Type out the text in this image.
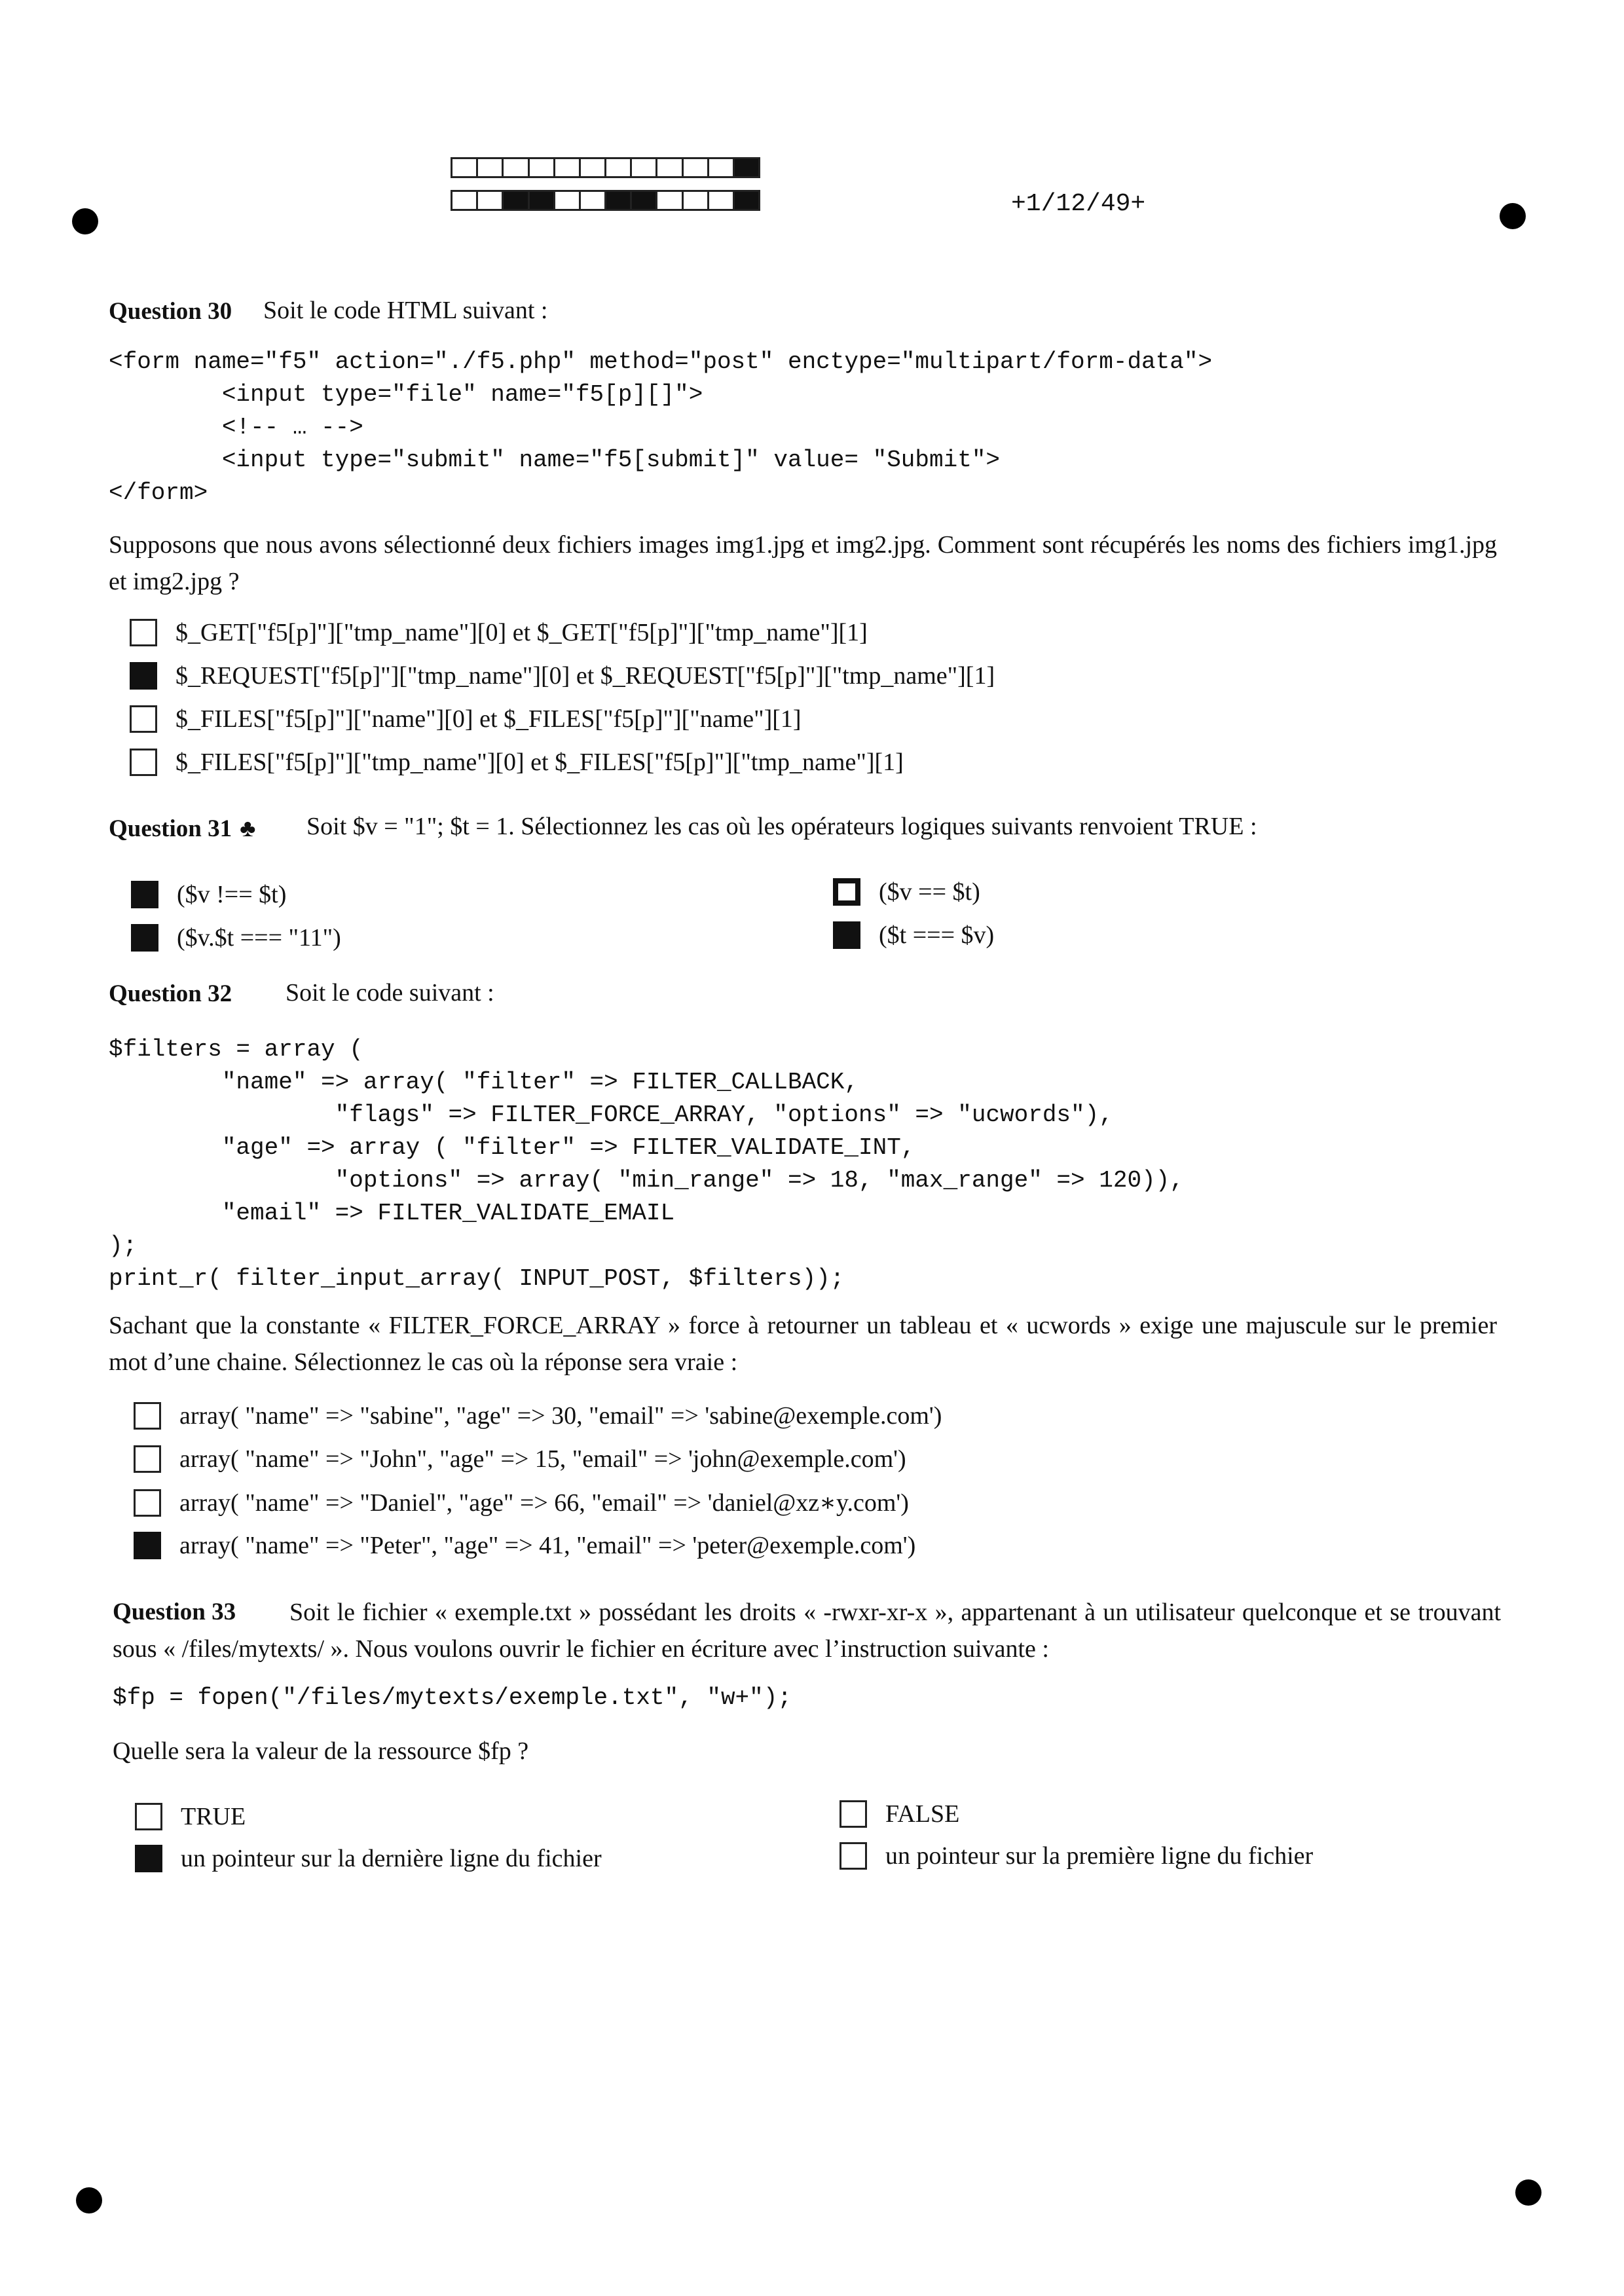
+1/12/49+
Question 30 Soit le code HTML suivant :
<form name="f5" action="./f5.php" method="post" enctype="multipart/form-data">
<input type="file" name="f5[p][]">
<!-- … -->
<input type="submit" name="f5[submit]" value= "Submit">
</form>
Supposons que nous avons sélectionné deux fichiers images img1.jpg et img2.jpg. Comment sont récupérés les noms des fichiers img1.jpg et img2.jpg ?
$_GET["f5[p]"]["tmp_name"][0] et $_GET["f5[p]"]["tmp_name"][1]
$_REQUEST["f5[p]"]["tmp_name"][0] et $_REQUEST["f5[p]"]["tmp_name"][1]
$_FILES["f5[p]"]["name"][0] et $_FILES["f5[p]"]["name"][1]
$_FILES["f5[p]"]["tmp_name"][0] et $_FILES["f5[p]"]["tmp_name"][1]
Question 31 ♣ Soit $v = "1"; $t = 1. Sélectionnez les cas où les opérateurs logiques suivants renvoient TRUE :
($v !== $t)	($v == $t)
($v.$t === "11")	($t === $v)
Question 32 Soit le code suivant :
$filters = array (
"name" => array( "filter" => FILTER_CALLBACK,
"flags" => FILTER_FORCE_ARRAY, "options" => "ucwords"),
"age" => array ( "filter" => FILTER_VALIDATE_INT,
"options" => array( "min_range" => 18, "max_range" => 120)),
"email" => FILTER_VALIDATE_EMAIL
);
print_r( filter_input_array( INPUT_POST, $filters));
Sachant que la constante « FILTER_FORCE_ARRAY » force à retourner un tableau et « ucwords » exige une majuscule sur le premier mot d’une chaine. Sélectionnez le cas où la réponse sera vraie :
array( "name" => "sabine", "age" => 30, "email" => 'sabine@exemple.com')
array( "name" => "John", "age" => 15, "email" => 'john@exemple.com')
array( "name" => "Daniel", "age" => 66, "email" => 'daniel@xz∗y.com')
array( "name" => "Peter", "age" => 41, "email" => 'peter@exemple.com')
Question 33	Soit le fichier « exemple.txt » possédant les droits « -rwxr-xr-x », appartenant à un utilisateur quelconque et se trouvant sous « /files/mytexts/ ». Nous voulons ouvrir le fichier en écriture avec l’instruction suivante :
$fp = fopen("/files/mytexts/exemple.txt", "w+");
Quelle sera la valeur de la ressource $fp ?
TRUE	FALSE
un pointeur sur la dernière ligne du fichier	un pointeur sur la première ligne du fichier
